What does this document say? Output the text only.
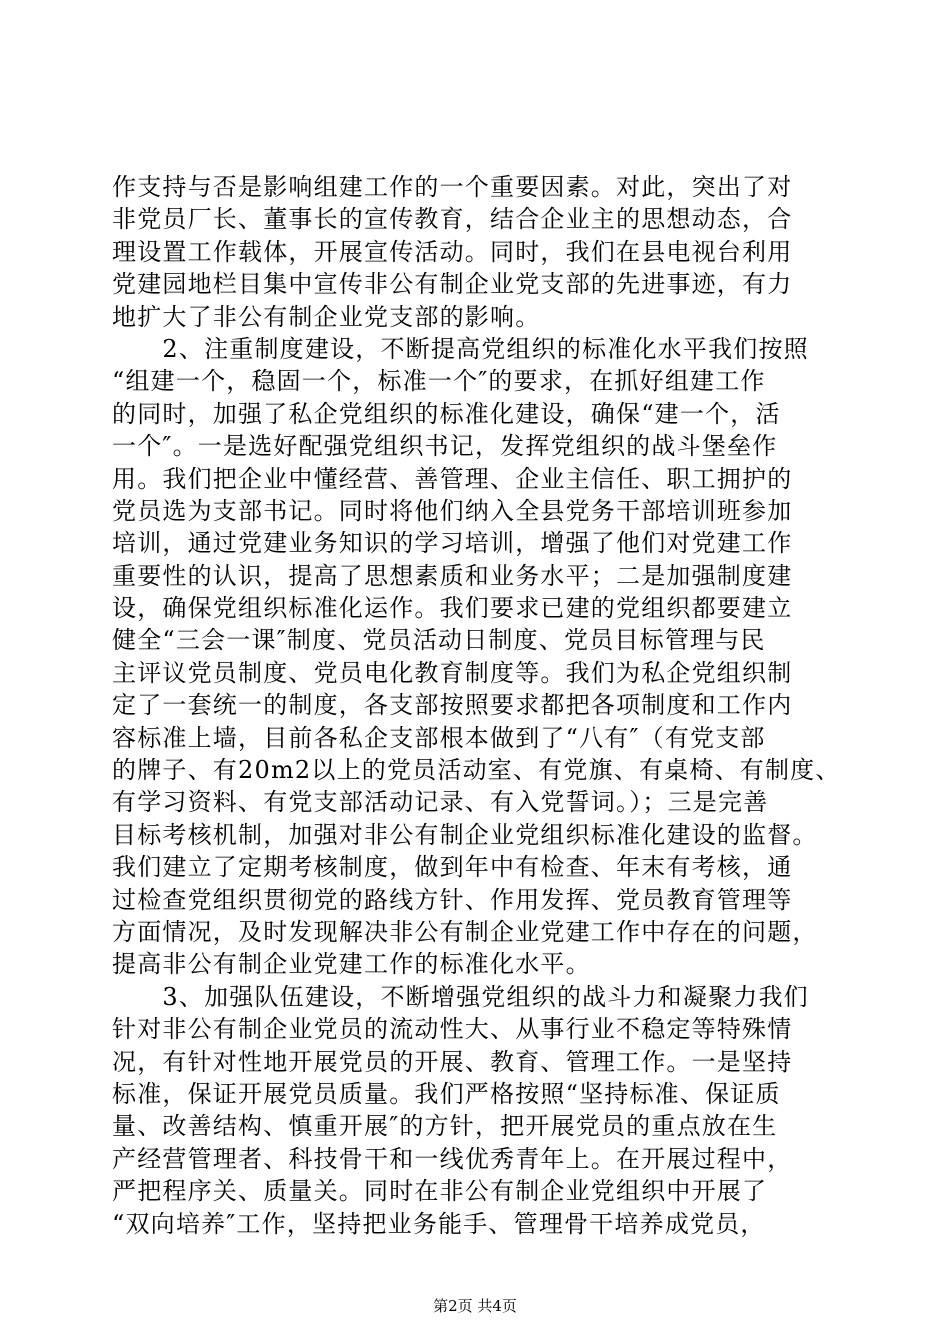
作支持与否是影响组建工作的一个重要因素。对此，突出了对
非党员厂长、董事长的宣传教育，结合企业主的思想动态，合
理设置工作载体，开展宣传活动。同时，我们在县电视台利用
党建园地栏目集中宣传非公有制企业党支部的先进事迹，有力
地扩大了非公有制企业党支部的影响。
　　2、注重制度建设，不断提高党组织的标准化水平我们按照
“组建一个，稳固一个，标准一个″的要求，在抓好组建工作
的同时，加强了私企党组织的标准化建设，确保“建一个，活
一个″。一是选好配强党组织书记，发挥党组织的战斗堡垒作
用。我们把企业中懂经营、善管理、企业主信任、职工拥护的
党员选为支部书记。同时将他们纳入全县党务干部培训班参加
培训，通过党建业务知识的学习培训，增强了他们对党建工作
重要性的认识，提高了思想素质和业务水平；二是加强制度建
设，确保党组织标准化运作。我们要求已建的党组织都要建立
健全“三会一课″制度、党员活动日制度、党员目标管理与民
主评议党员制度、党员电化教育制度等。我们为私企党组织制
定了一套统一的制度，各支部按照要求都把各项制度和工作内
容标准上墙，目前各私企支部根本做到了“八有″（有党支部
的牌子、有20m2以上的党员活动室、有党旗、有桌椅、有制度、
有学习资料、有党支部活动记录、有入党誓词。）；三是完善
目标考核机制，加强对非公有制企业党组织标准化建设的监督。
我们建立了定期考核制度，做到年中有检查、年末有考核，通
过检查党组织贯彻党的路线方针、作用发挥、党员教育管理等
方面情况，及时发现解决非公有制企业党建工作中存在的问题，
提高非公有制企业党建工作的标准化水平。
　　3、加强队伍建设，不断增强党组织的战斗力和凝聚力我们
针对非公有制企业党员的流动性大、从事行业不稳定等特殊情
况，有针对性地开展党员的开展、教育、管理工作。一是坚持
标准，保证开展党员质量。我们严格按照“坚持标准、保证质
量、改善结构、慎重开展″的方针，把开展党员的重点放在生
产经营管理者、科技骨干和一线优秀青年上。在开展过程中，
严把程序关、质量关。同时在非公有制企业党组织中开展了
“双向培养″工作，坚持把业务能手、管理骨干培养成党员，
第2页 共4页
